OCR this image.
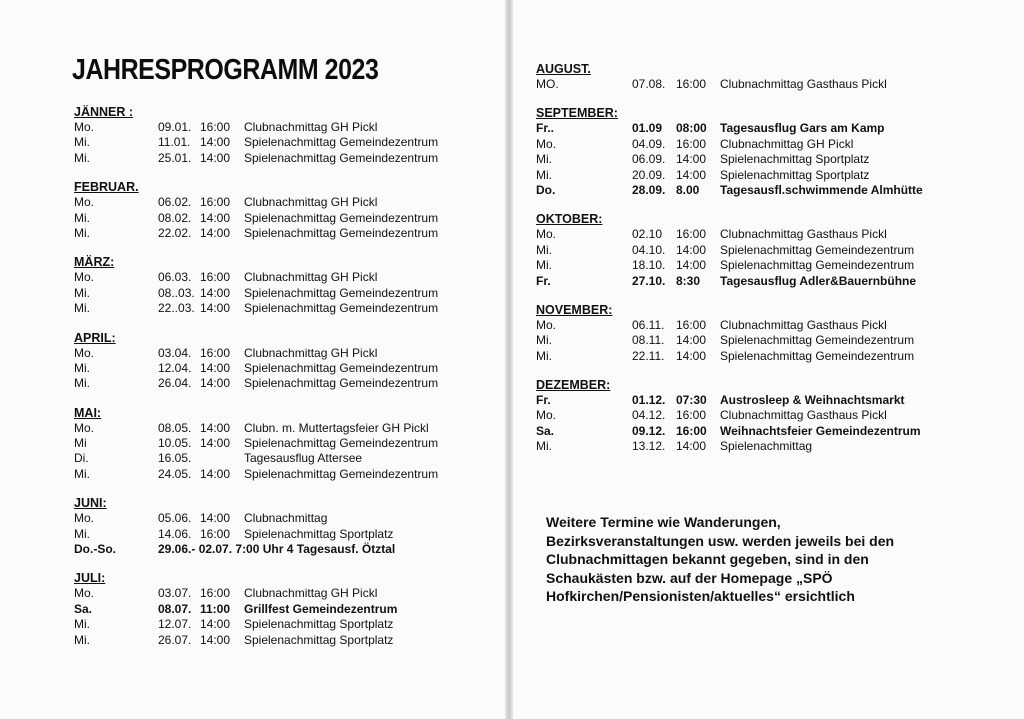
JAHRESPROGRAMM 2023
JÄNNER :
Mo.	09.01. 16:00	Clubnachmittag GH Pickl
Mi.	11.01. 14:00	Spielenachmittag Gemeindezentrum
Mi.	25.01. 14:00	Spielenachmittag Gemeindezentrum
FEBRUAR.
Mo.	06.02. 16:00	Clubnachmittag GH Pickl
Mi.	08.02. 14:00	Spielenachmittag Gemeindezentrum
Mi.	22.02. 14:00	Spielenachmittag Gemeindezentrum
MÄRZ:
Mo.	06.03. 16:00	Clubnachmittag GH Pickl
Mi.	08..03. 14:00	Spielenachmittag Gemeindezentrum
Mi.	22..03. 14:00	Spielenachmittag Gemeindezentrum
APRIL:
Mo.	03.04. 16:00	Clubnachmittag GH Pickl
Mi.	12.04. 14:00	Spielenachmittag Gemeindezentrum
Mi.	26.04. 14:00	Spielenachmittag Gemeindezentrum
MAI:
Mo.	08.05. 14:00	Clubn. m. Muttertagsfeier GH Pickl
Mi	10.05. 14:00	Spielenachmittag Gemeindezentrum
Di.	16.05.	Tagesausflug Attersee
Mi.	24.05. 14:00	Spielenachmittag Gemeindezentrum
JUNI:
Mo.	05.06. 14:00	Clubnachmittag
Mi.	14.06. 16:00	Spielenachmittag Sportplatz
Do.-So.	29.06.- 02.07. 7:00 Uhr 4 Tagesausf. Ötztal
JULI:
Mo.	03.07. 16:00	Clubnachmittag GH Pickl
Sa.	08.07. 11:00	Grillfest Gemeindezentrum
Mi.	12.07. 14:00	Spielenachmittag Sportplatz
Mi.	26.07. 14:00	Spielenachmittag Sportplatz
AUGUST.
MO.	07.08. 16:00	Clubnachmittag Gasthaus Pickl
SEPTEMBER:
Fr..	01.09	08:00	Tagesausflug Gars am Kamp
Mo.	04.09. 16:00	Clubnachmittag GH Pickl
Mi.	06.09. 14:00	Spielenachmittag Sportplatz
Mi.	20.09. 14:00	Spielenachmittag Sportplatz
Do.	28.09. 8.00	Tagesausfl.schwimmende Almhütte
OKTOBER:
Mo.	02.10	16:00	Clubnachmittag Gasthaus Pickl
Mi.	04.10. 14:00	Spielenachmittag Gemeindezentrum
Mi.	18.10. 14:00	Spielenachmittag Gemeindezentrum
Fr.	27.10. 8:30	Tagesausflug Adler&Bauernbühne
NOVEMBER:
Mo.	06.11. 16:00	Clubnachmittag Gasthaus Pickl
Mi.	08.11. 14:00	Spielenachmittag Gemeindezentrum
Mi.	22.11. 14:00	Spielenachmittag Gemeindezentrum
DEZEMBER:
Fr.	01.12. 07:30	Austrosleep & Weihnachtsmarkt
Mo.	04.12. 16:00	Clubnachmittag Gasthaus Pickl
Sa.	09.12. 16:00	Weihnachtsfeier Gemeindezentrum
Mi.	13.12. 14:00	Spielenachmittag

Weitere Termine wie Wanderungen, Bezirksveranstaltungen usw. werden jeweils bei den Clubnachmittagen bekannt gegeben, sind in den Schaukästen bzw. auf der Homepage „SPÖ Hofkirchen/Pensionisten/aktuelles“ ersichtlich
